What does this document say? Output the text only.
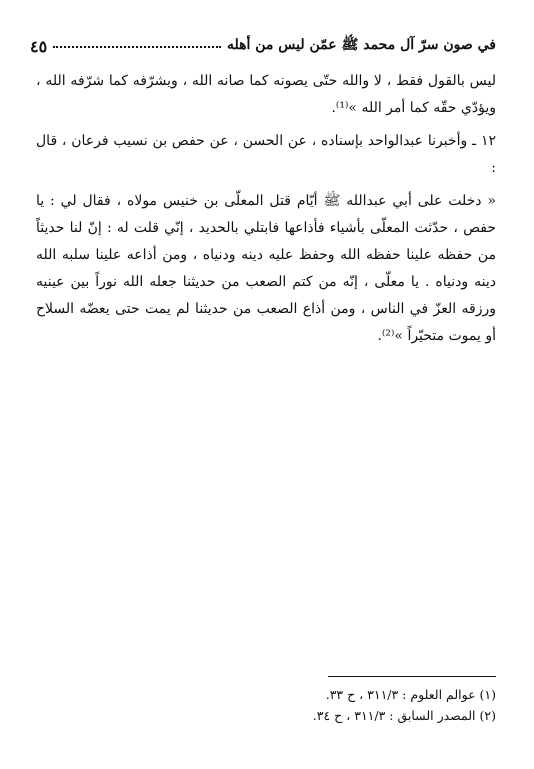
في صون سرّ آل محمد ﷺ عمّن ليس من أهله
٤٥

ليس بالقول فقط ، لا والله حتّى يصونه كما صانه الله ، ويشرّفه كما شرّفه الله ، ويؤدّي حقّه كما أمر الله »⁽¹⁾.

١٢ ـ وأخبرنا عبدالواحد بإسناده ، عن الحسن ، عن حفص بن نسيب فرعان ، قال :

« دخلت على أبي عبدالله ﷺ أيّام قتل المعلّى بن خنيس مولاه ، فقال لي : يا حفص ، حدّثت المعلّى بأشياء فأذاعها فابتلي بالحديد ، إنّي قلت له : إنّ لنا حديثاً من حفظه علينا حفظه الله وحفظ عليه دينه ودنياه ، ومن أذاعه علينا سلبه الله دينه ودنياه . يا معلّى ، إنّه من كتم الصعب من حديثنا جعله الله نوراً بين عينيه ورزقه العزّ في الناس ، ومن أذاع الصعب من حديثنا لم يمت حتى يعضّه السلاح أو يموت متحيّراً »⁽²⁾.

(١) عوالم العلوم : ٣١١/٣ ، ح ٣٣.

(٢) المصدر السابق : ٣١١/٣ ، ح ٣٤.
